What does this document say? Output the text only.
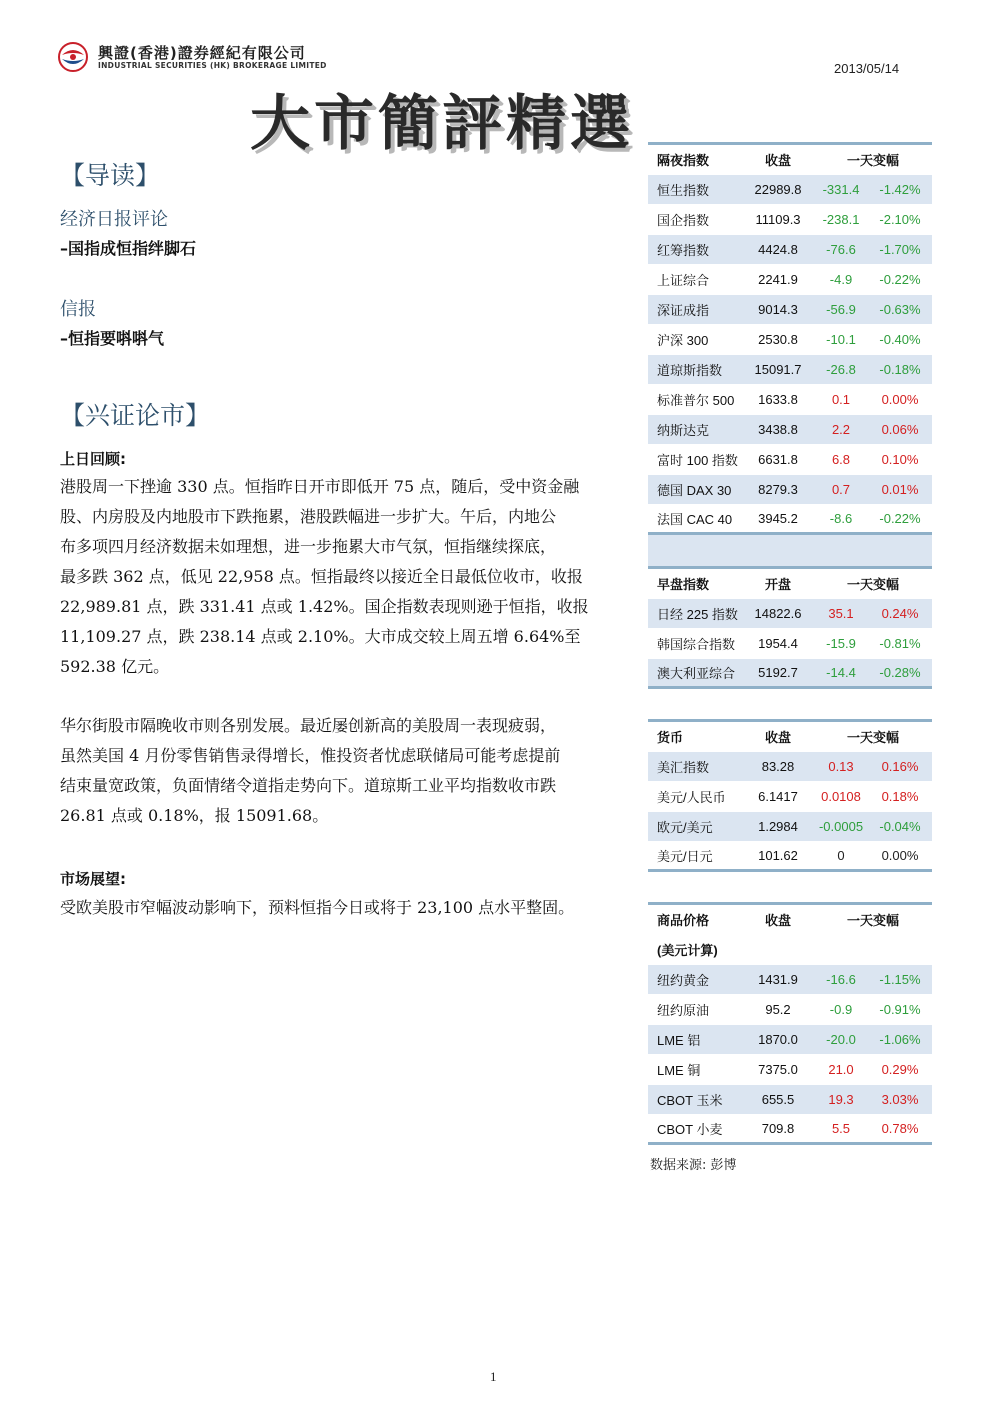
興證(香港)證券經紀有限公司
INDUSTRIAL SECURITIES (HK) BROKERAGE LIMITED	2013/05/14
大市簡評精選
【导读】
经济日报评论
–国指成恒指绊脚石
信报
–恒指要唞唞气
【兴证论市】
上日回顾:
港股周一下挫逾 330 点。恒指昨日开市即低开 75 点，随后，受中资金融
股、内房股及内地股市下跌拖累，港股跌幅进一步扩大。午后，内地公
布多项四月经济数据未如理想，进一步拖累大市气氛，恒指继续探底，
最多跌 362 点，低见 22,958 点。恒指最终以接近全日最低位收市，收报
22,989.81 点，跌 331.41 点或 1.42%。国企指数表现则逊于恒指，收报
11,109.27 点，跌 238.14 点或 2.10%。大市成交较上周五增 6.64%至
592.38 亿元。
华尔街股市隔晚收市则各别发展。最近屡创新高的美股周一表现疲弱，
虽然美国 4 月份零售销售录得增长，惟投资者忧虑联储局可能考虑提前
结束量宽政策，负面情绪令道指走势向下。道琼斯工业平均指数收市跌
26.81 点或 0.18%，报 15091.68。
市场展望:
受欧美股市窄幅波动影响下，预料恒指今日或将于 23,100 点水平整固。
隔夜指数	收盘	一天变幅
恒生指数	22989.8	-331.4	-1.42%
国企指数	11109.3	-238.1	-2.10%
红筹指数	4424.8	-76.6	-1.70%
上证综合	2241.9	-4.9	-0.22%
深证成指	9014.3	-56.9	-0.63%
沪深 300	2530.8	-10.1	-0.40%
道琼斯指数	15091.7	-26.8	-0.18%
标准普尔 500	1633.8	0.1	0.00%
纳斯达克	3438.8	2.2	0.06%
富时 100 指数	6631.8	6.8	0.10%
德国 DAX 30	8279.3	0.7	0.01%
法国 CAC 40	3945.2	-8.6	-0.22%
早盘指数	开盘	一天变幅
日经 225 指数	14822.6	35.1	0.24%
韩国综合指数	1954.4	-15.9	-0.81%
澳大利亚综合	5192.7	-14.4	-0.28%
货币	收盘	一天变幅
美汇指数	83.28	0.13	0.16%
美元/人民币	6.1417	0.0108	0.18%
欧元/美元	1.2984	-0.0005	-0.04%
美元/日元	101.62	0	0.00%
商品价格	收盘	一天变幅
(美元计算)
纽约黄金	1431.9	-16.6	-1.15%
纽约原油	95.2	-0.9	-0.91%
LME 铝	1870.0	-20.0	-1.06%
LME 铜	7375.0	21.0	0.29%
CBOT 玉米	655.5	19.3	3.03%
CBOT 小麦	709.8	5.5	0.78%
数据来源: 彭博
1
